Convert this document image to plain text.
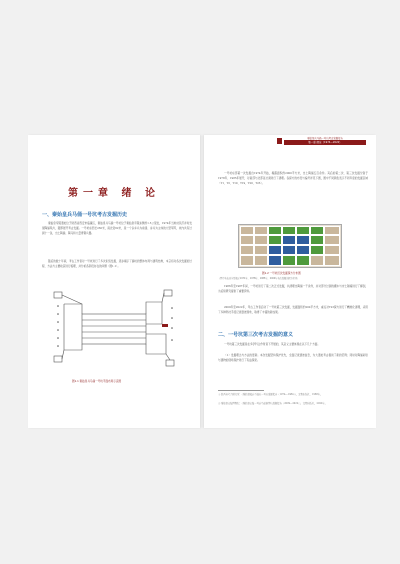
第一章 绪 论
一、秦始皇兵马俑一号坑考古发掘历史

秦始皇帝陵遗址位于陕西省西安市临潼区，秦始皇兵马俑一号坑位于秦始皇帝陵东侧约1.5公里处，1974年当地村民打井时发现陶俑残片，随即展开考古发掘。一号坑东西长230米，南北宽62米，是一个以车兵为前锋、步兵为主体的大型军阵，坑内共有过洞十一条，出土陶俑、陶马和大量青铜兵器。

随后的数十年间，考古工作者对一号坑进行了多次系统发掘，逐步揭示了俑坑的整体布局与建筑结构，本章将对各次发掘的过程、方法与主要收获进行梳理，并分析各阶段存在的问题（图1.1）。

图1.1 秦始皇兵马俑一号坑平面布局示意图
秦始皇兵马俑一号坑考古发掘报告
第一章 绪论（1974—2022）

一号坑东部第一次发掘自1974年开始，揭露面积约2000平方米，出土陶俑五百余件。其后的第二次、第三次发掘分别于1978年、1985年展开，对南部与北部各过洞进行了清理。各探方的布设与编号详见下图，图中不同颜色表示不同年度的发掘区域（T1、T2、T10、T19、T20、T23）。

图1.2 一号坑历次发掘探方分布图
（图中各色块分别表示1974年、1978年、1985年、2009年各次发掘的探方位置）

1986年至1987年间，一号坑进行了第二次正式发掘，共清理出陶俑一千余件，并对部分过洞的棚木与夯土隔墙进行了解剖，为后续研究提供了重要资料。

2009年至2022年，考古工作者启动了一号坑第三次发掘，发掘面积约200平方米，重点对T23探方进行了精细化清理，采用了多种科技手段记录遗迹现象，取得了丰富的新成果。

二、一号坑第三次考古发掘的意义

一号坑第三次发掘是在多学科合作背景下开展的，其意义主要体现在以下几个方面。

（1）发掘理念与方法的更新。本次发掘坚持保护优先，全面记录遗迹信息，为大遗址考古提供了新的范例；同时对陶俑彩绘与遗物的现场保护进行了有益探索。

① 陕西省考古研究所：《秦始皇陵兵马俑坑一号坑发掘报告（1974—1984）》，文物出版社，1988年。

② 秦始皇帝陵博物院：《秦始皇帝陵一号兵马俑陪葬坑发掘报告（2009—2022）》，文物出版社，2022年。
